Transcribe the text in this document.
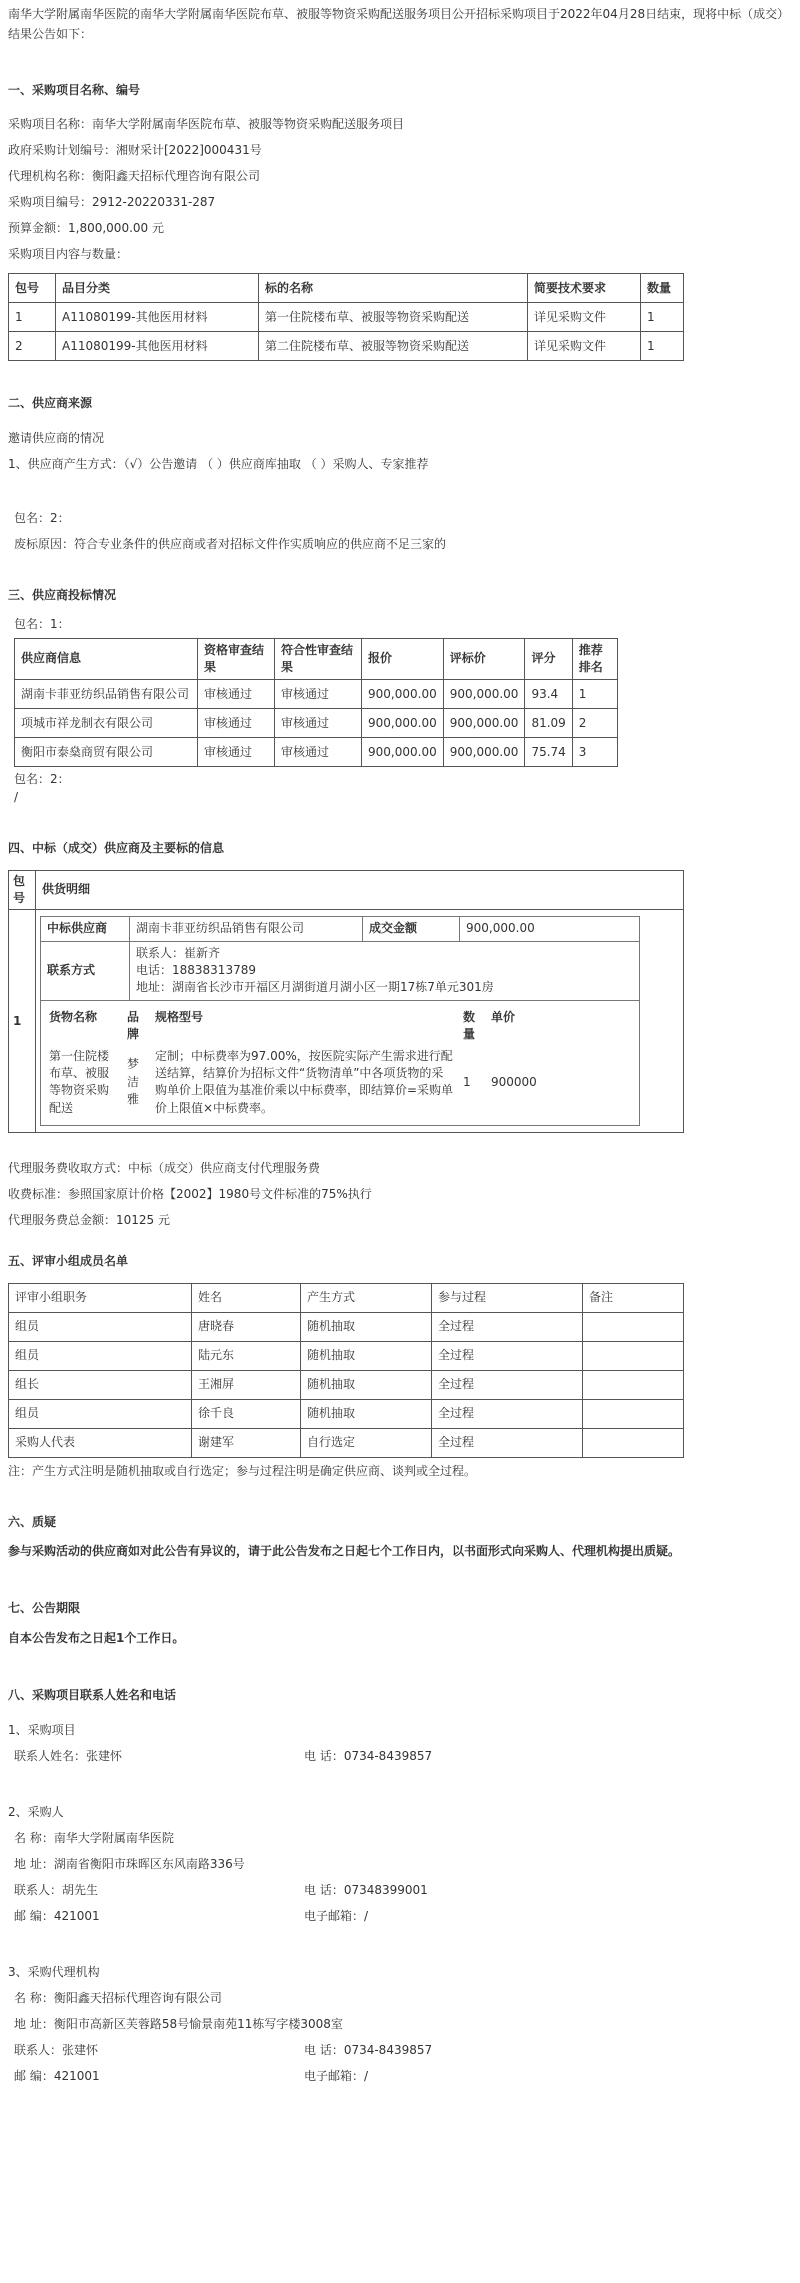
南华大学附属南华医院的南华大学附属南华医院布草、被服等物资采购配送服务项目公开招标采购项目于2022年04月28日结束，现将中标（成交）结果公告如下：

一、采购项目名称、编号
采购项目名称：南华大学附属南华医院布草、被服等物资采购配送服务项目
政府采购计划编号：湘财采计[2022]000431号
代理机构名称：衡阳鑫天招标代理咨询有限公司
采购项目编号：2912-20220331-287
预算金额：1,800,000.00 元
采购项目内容与数量：
包号	品目分类	标的名称	简要技术要求	数量
1	A11080199-其他医用材料	第一住院楼布草、被服等物资采购配送	详见采购文件	1
2	A11080199-其他医用材料	第二住院楼布草、被服等物资采购配送	详见采购文件	1
二、供应商来源
邀请供应商的情况
1、供应商产生方式：（√）公告邀请 （ ）供应商库抽取 （ ）采购人、专家推荐
包名：2：
废标原因：符合专业条件的供应商或者对招标文件作实质响应的供应商不足三家的
三、供应商投标情况
包名：1：
供应商信息	资格审查结果	符合性审查结果	报价	评标价	评分	推荐排名
湖南卡菲亚纺织品销售有限公司	审核通过	审核通过	900,000.00	900,000.00	93.4	1
项城市祥龙制衣有限公司	审核通过	审核通过	900,000.00	900,000.00	81.09	2
衡阳市泰燊商贸有限公司	审核通过	审核通过	900,000.00	900,000.00	75.74	3
包名：2：
/
四、中标（成交）供应商及主要标的信息
包号	供货明细
1	
中标供应商	湖南卡菲亚纺织品销售有限公司	成交金额	900,000.00
联系方式	
联系人：崔新齐
电话：18838313789
地址：湖南省长沙市开福区月湖街道月湖小区一期17栋7单元301房

货物名称	品牌	规格型号	数量	单价
第一住院楼布草、被服等物资采购配送	梦洁雅	定制；中标费率为97.00%，按医院实际产生需求进行配送结算，结算价为招标文件“货物清单”中各项货物的采购单价上限值为基准价乘以中标费率，即结算价=采购单价上限值×中标费率。	1	900000
代理服务费收取方式：中标（成交）供应商支付代理服务费
收费标准：参照国家原计价格【2002】1980号文件标准的75%执行
代理服务费总金额：10125 元
五、评审小组成员名单
评审小组职务	姓名	产生方式	参与过程	备注
组员	唐晓春	随机抽取	全过程	
组员	陆元东	随机抽取	全过程	
组长	王湘屏	随机抽取	全过程	
组员	徐千良	随机抽取	全过程	
采购人代表	谢建军	自行选定	全过程	
注：产生方式注明是随机抽取或自行选定；参与过程注明是确定供应商、谈判或全过程。
六、质疑
参与采购活动的供应商如对此公告有异议的，请于此公告发布之日起七个工作日内，以书面形式向采购人、代理机构提出质疑。
七、公告期限
自本公告发布之日起1个工作日。
八、采购项目联系人姓名和电话
1、采购项目
联系人姓名：张建怀	电 话：0734-8439857
2、采购人
名 称：南华大学附属南华医院
地 址：湖南省衡阳市珠晖区东风南路336号
联系人：胡先生	电 话：07348399001
邮 编：421001	电子邮箱：/
3、采购代理机构
名 称：衡阳鑫天招标代理咨询有限公司
地 址：衡阳市高新区芙蓉路58号愉景南苑11栋写字楼3008室
联系人：张建怀	电 话：0734-8439857
邮 编：421001	电子邮箱：/
